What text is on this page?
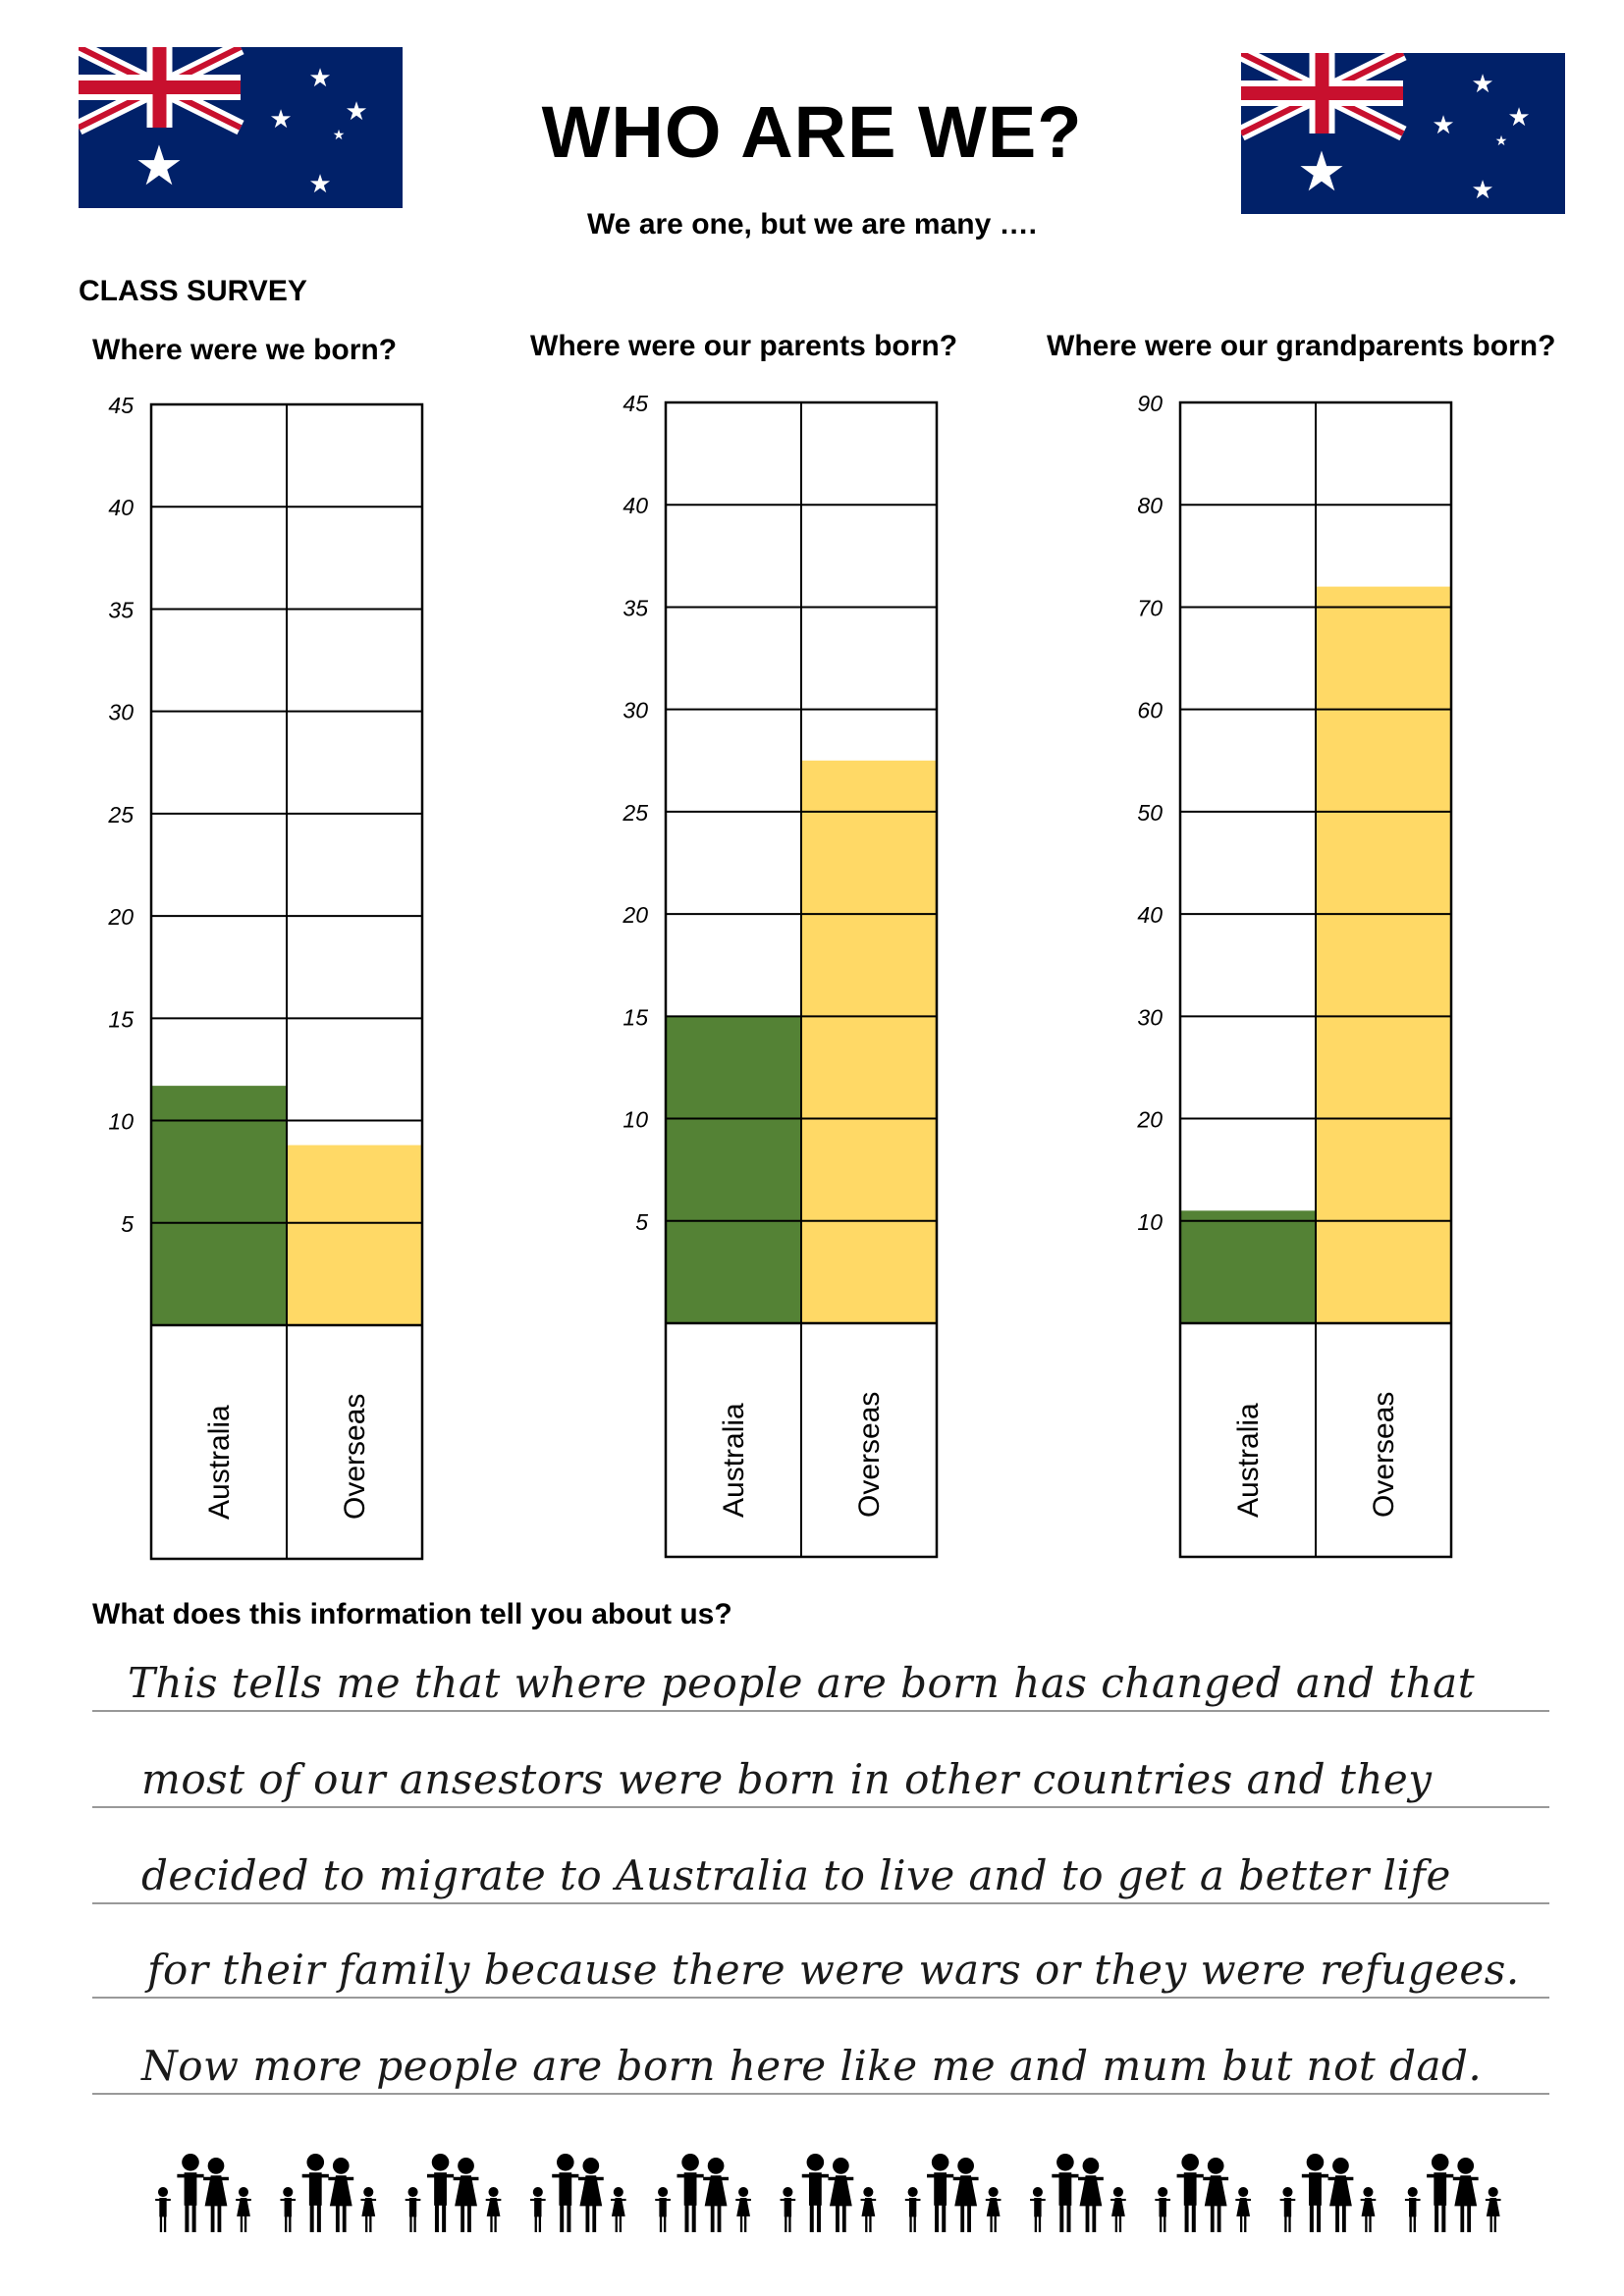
★
★
★ ★
★
★	★
★
★ ★
★
★
WHO ARE WE?
We are one, but we are many ….
CLASS SURVEY
Where were we born?	Where were our parents born?	Where were our grandparents born?
5
10
15
20
25
30
35
40
45
Australia	Overseas
5
10
15
20
25
30
35
40
45
Australia	Overseas
10
20
30
40
50
60
70
80
90
Australia	Overseas
What does this information tell you about us?
This tells me that where people are born has changed and that
most of our ansestors were born in other countries and they
decided to migrate to Australia to live and to get a better life
for their family because there were wars or they were refugees.
Now more people are born here like me and mum but not dad.
